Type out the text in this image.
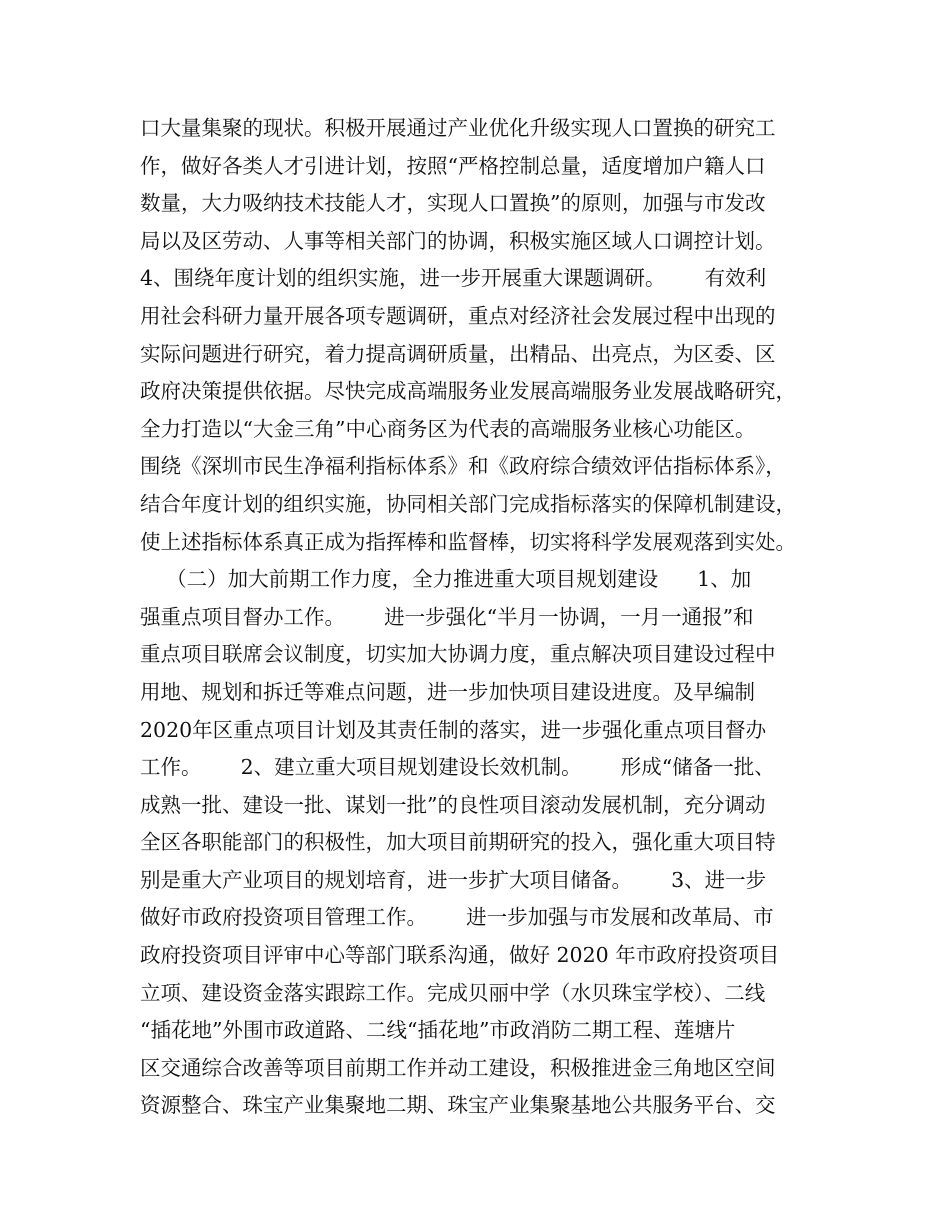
口大量集聚的现状。积极开展通过产业优化升级实现人口置换的研究工
作，做好各类人才引进计划，按照“严格控制总量，适度增加户籍人口
数量，大力吸纳技术技能人才，实现人口置换”的原则，加强与市发改
局以及区劳动、人事等相关部门的协调，积极实施区域人口调控计划。
4、围绕年度计划的组织实施，进一步开展重大课题调研。      有效利
用社会科研力量开展各项专题调研，重点对经济社会发展过程中出现的
实际问题进行研究，着力提高调研质量，出精品、出亮点，为区委、区
政府决策提供依据。尽快完成高端服务业发展高端服务业发展战略研究，
全力打造以“大金三角”中心商务区为代表的高端服务业核心功能区。
围绕《深圳市民生净福利指标体系》和《政府综合绩效评估指标体系》，
结合年度计划的组织实施，协同相关部门完成指标落实的保障机制建设，
使上述指标体系真正成为指挥棒和监督棒，切实将科学发展观落到实处。
（二）加大前期工作力度，全力推进重大项目规划建设      1、加
强重点项目督办工作。      进一步强化“半月一协调，一月一通报”和
重点项目联席会议制度，切实加大协调力度，重点解决项目建设过程中
用地、规划和拆迁等难点问题，进一步加快项目建设进度。及早编制
2020年区重点项目计划及其责任制的落实，进一步强化重点项目督办
工作。      2、建立重大项目规划建设长效机制。      形成“储备一批、
成熟一批、建设一批、谋划一批”的良性项目滚动发展机制，充分调动
全区各职能部门的积极性，加大项目前期研究的投入，强化重大项目特
别是重大产业项目的规划培育，进一步扩大项目储备。      3、进一步
做好市政府投资项目管理工作。      进一步加强与市发展和改革局、市
政府投资项目评审中心等部门联系沟通，做好 2020 年市政府投资项目
立项、建设资金落实跟踪工作。完成贝丽中学（水贝珠宝学校）、二线
“插花地”外围市政道路、二线“插花地”市政消防二期工程、莲塘片
区交通综合改善等项目前期工作并动工建设，积极推进金三角地区空间
资源整合、珠宝产业集聚地二期、珠宝产业集聚基地公共服务平台、交
